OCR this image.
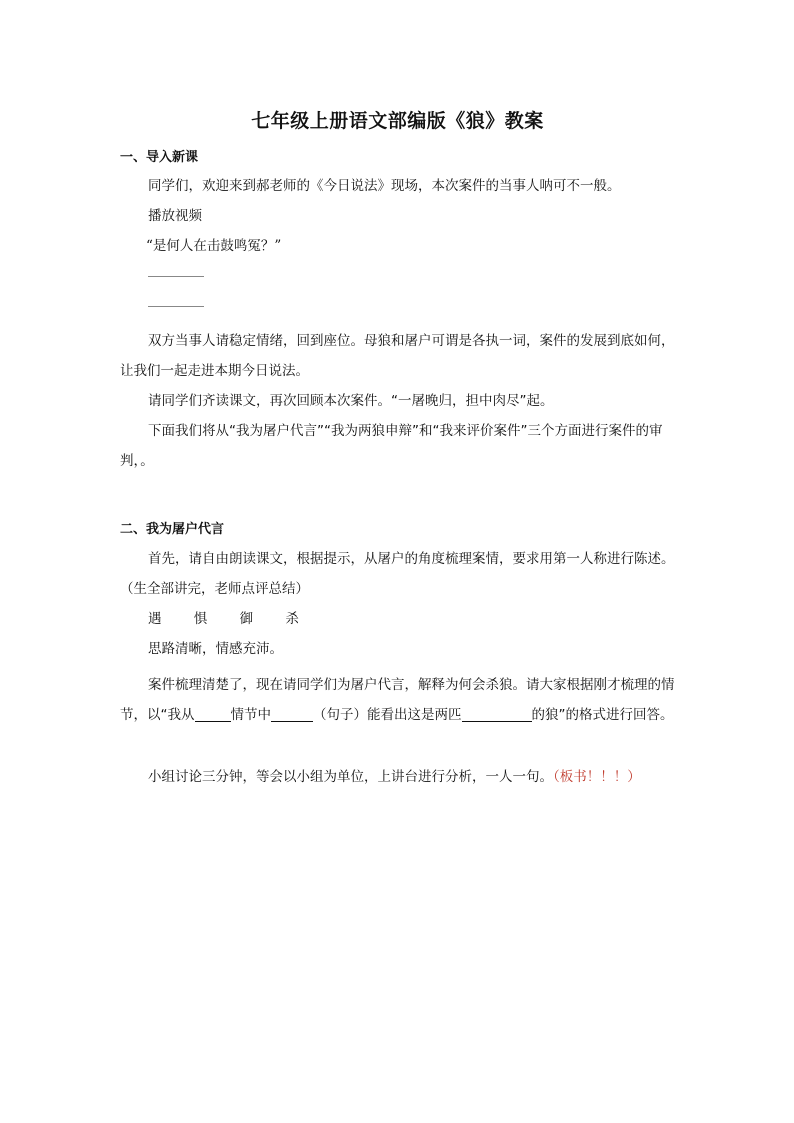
七年级上册语文部编版《狼》教案
一、导入新课
同学们，欢迎来到郝老师的《今日说法》现场，本次案件的当事人呐可不一般。
播放视频
“是何人在击鼓鸣冤？”
双方当事人请稳定情绪，回到座位。母狼和屠户可谓是各执一词，案件的发展到底如何，让我们一起走进本期今日说法。
请同学们齐读课文，再次回顾本次案件。“一屠晚归，担中肉尽”起。
下面我们将从“我为屠户代言”“我为两狼申辩”和“我来评价案件”三个方面进行案件的审判，。
二、我为屠户代言
首先，请自由朗读课文，根据提示，从屠户的角度梳理案情，要求用第一人称进行陈述。（生全部讲完，老师点评总结）
遇 惧 御 杀
思路清晰，情感充沛。
案件梳理清楚了，现在请同学们为屠户代言，解释为何会杀狼。请大家根据刚才梳理的情节，以“我从	情节中	（句子）能看出这是两匹	的狼”的格式进行回答。
小组讨论三分钟，等会以小组为单位，上讲台进行分析，一人一句。（板书！！！）
